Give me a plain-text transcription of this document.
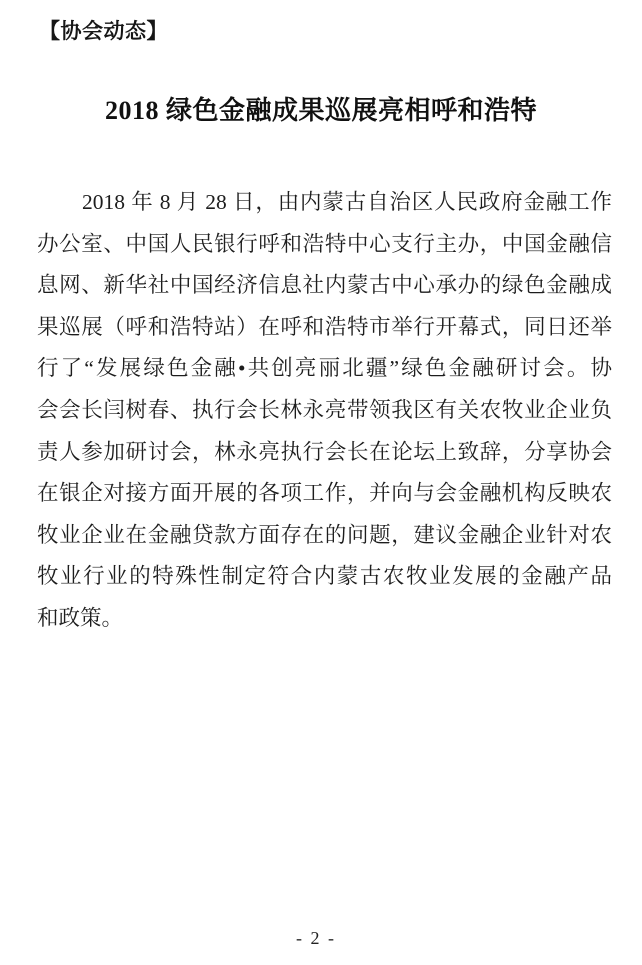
【协会动态】
2018 绿色金融成果巡展亮相呼和浩特
2018 年 8 月 28 日，由内蒙古自治区人民政府金融工作
办公室、中国人民银行呼和浩特中心支行主办，中国金融信
息网、新华社中国经济信息社内蒙古中心承办的绿色金融成
果巡展（呼和浩特站）在呼和浩特市举行开幕式，同日还举
行了“发展绿色金融•共创亮丽北疆”绿色金融研讨会。协
会会长闫树春、执行会长林永亮带领我区有关农牧业企业负
责人参加研讨会，林永亮执行会长在论坛上致辞，分享协会
在银企对接方面开展的各项工作，并向与会金融机构反映农
牧业企业在金融贷款方面存在的问题，建议金融企业针对农
牧业行业的特殊性制定符合内蒙古农牧业发展的金融产品
和政策。
- 2 -
